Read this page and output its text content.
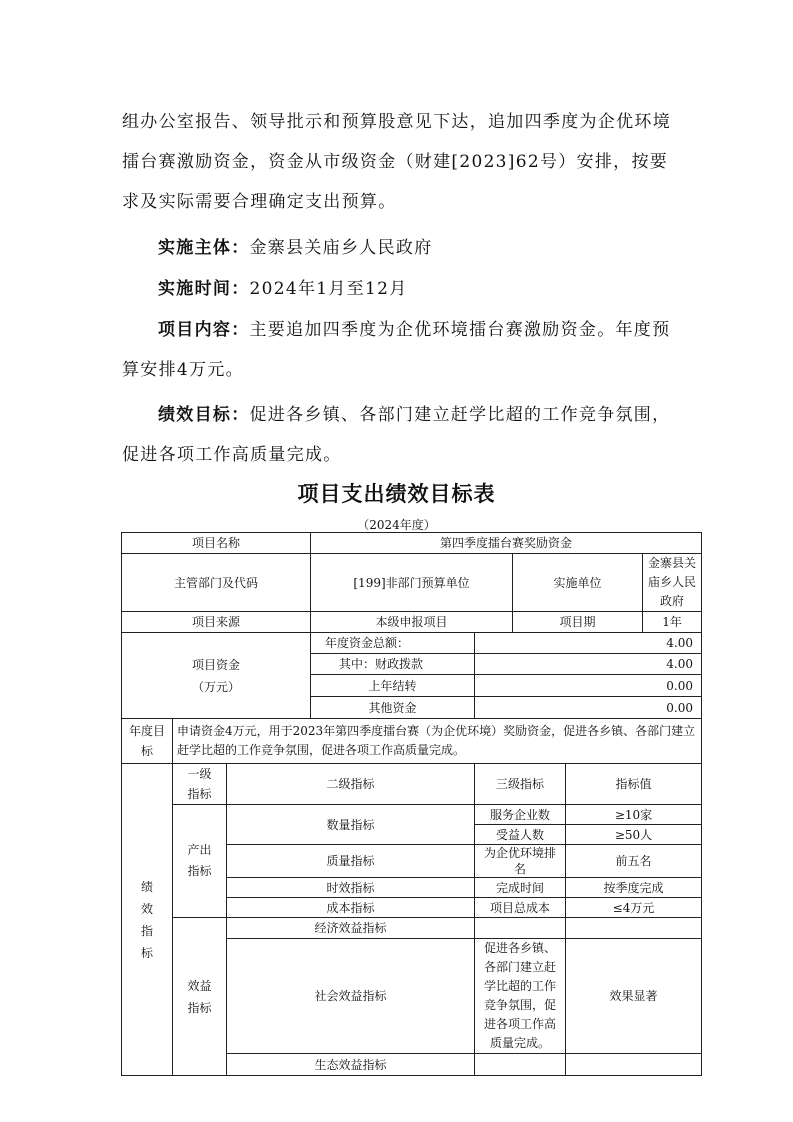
组办公室报告、领导批示和预算股意见下达，追加四季度为企优环境
擂台赛激励资金，资金从市级资金（财建[2023]62号）安排，按要
求及实际需要合理确定支出预算。
实施主体：金寨县关庙乡人民政府
实施时间：2024年1月至12月
项目内容：主要追加四季度为企优环境擂台赛激励资金。年度预
算安排4万元。
绩效目标：促进各乡镇、各部门建立赶学比超的工作竞争氛围，
促进各项工作高质量完成。
项目支出绩效目标表
（2024年度）
项目名称			第四季度擂台赛奖励资金				
主管部门及代码			[199]非部门预算单位		实施单位		金寨县关庙乡人民政府
项目来源			本级申报项目		项目期		1年

项目资金
（万元）			年度资金总额：	4.00			
			其中：财政拨款	4.00			
			上年结转	0.00			
			其他资金	0.00			
年度目标	申请资金4万元，用于2023年第四季度擂台赛（为企优环境）奖励资金，促进各乡镇、各部门建立赶学比超的工作竞争氛围，促进各项工作高质量完成。						
绩效指标	一级指标	二级指标		三级指标		指标值	
	产出指标	数量指标		服务企业数		≥10家	
				受益人数		≥50人	
		质量指标		为企优环境排名		前五名	
		时效指标		完成时间		按季度完成	
		成本指标		项目总成本		≤4万元	
	效益指标	经济效益指标					
		社会效益指标		促进各乡镇、各部门建立赶学比超的工作竞争氛围，促进各项工作高质量完成。		效果显著	
		生态效益指标					
